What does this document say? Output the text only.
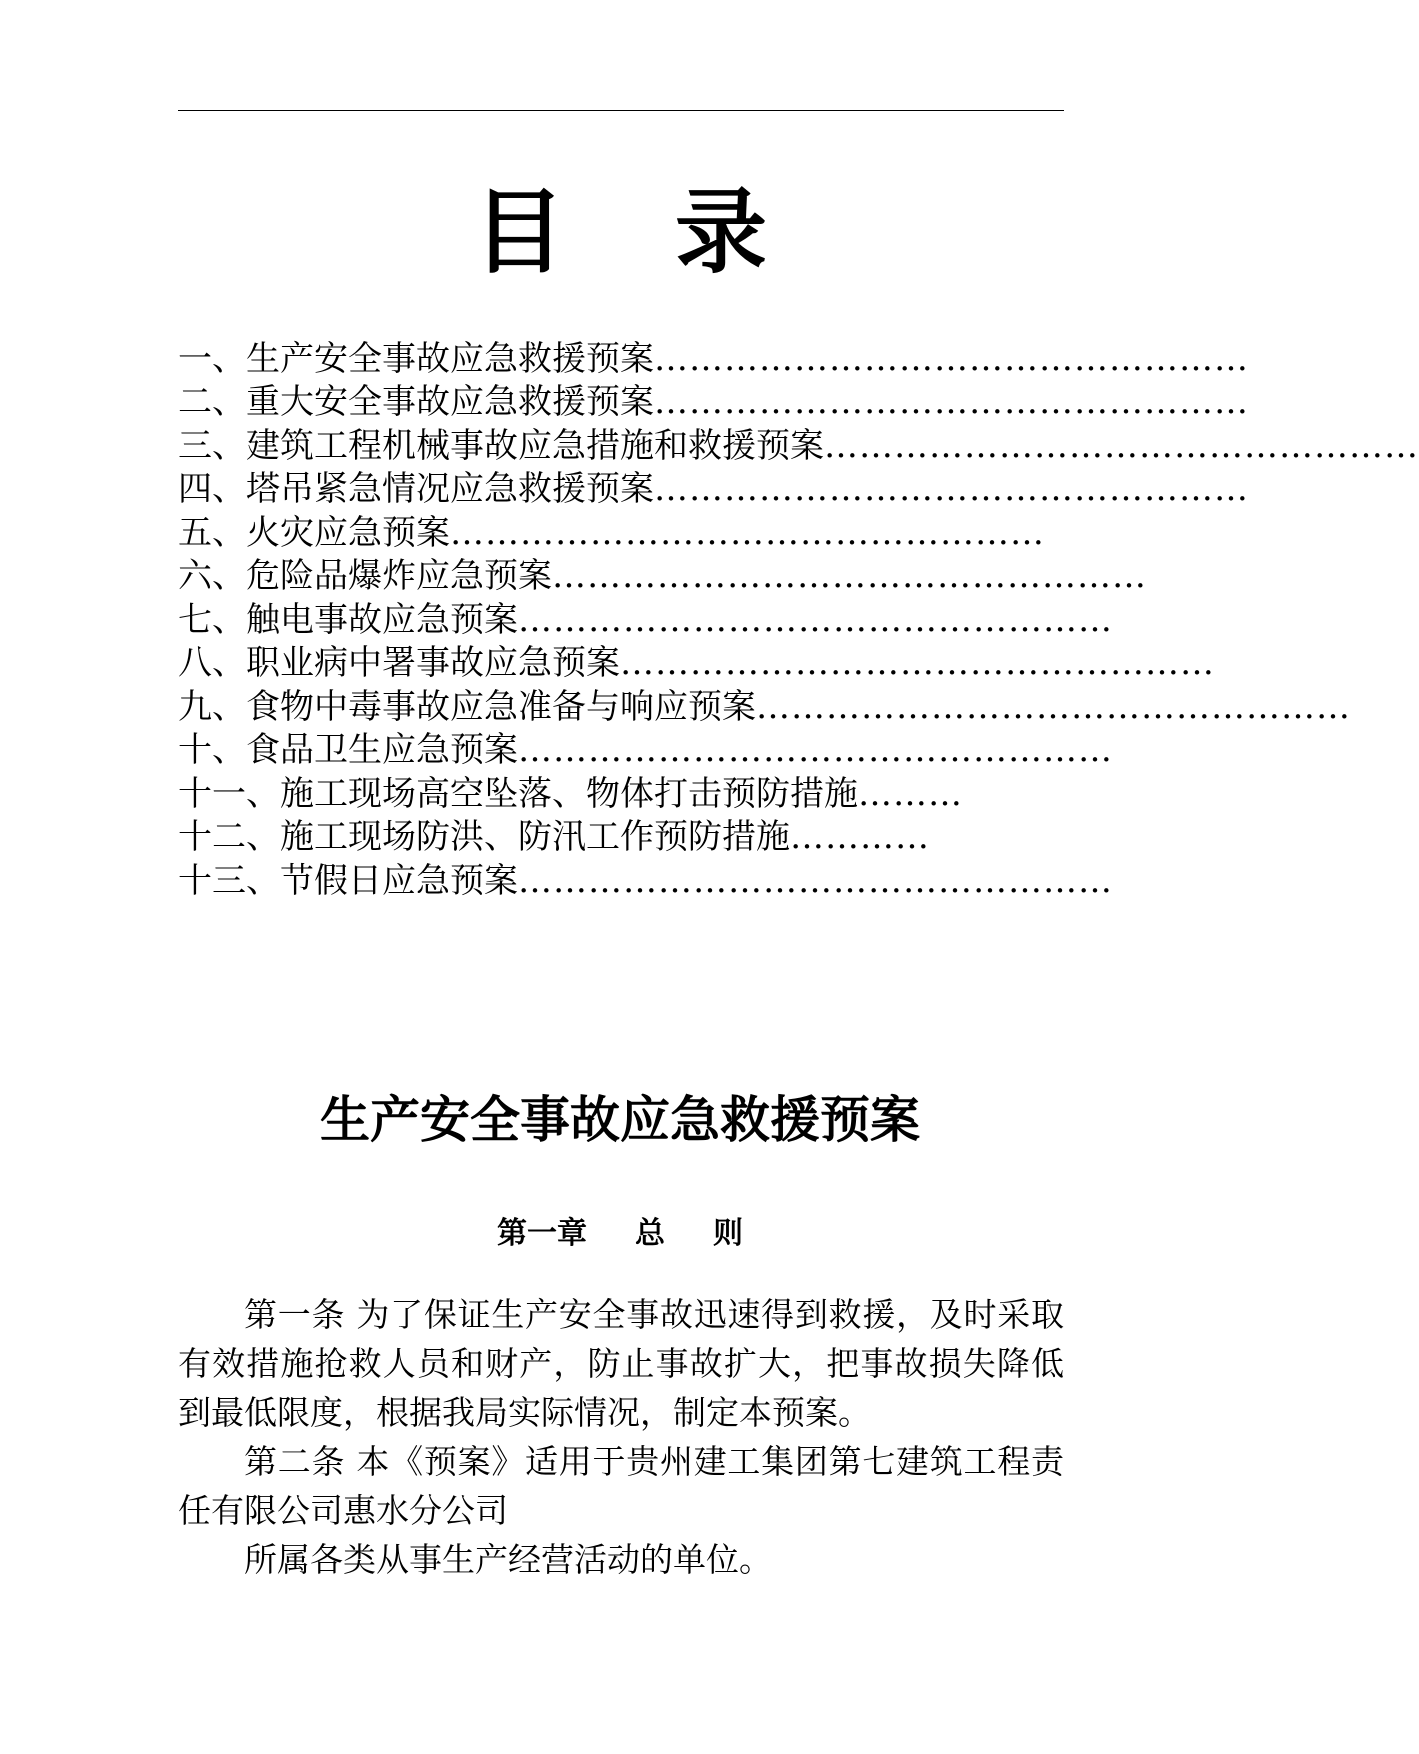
目 录
一、生产安全事故应急救援预案 ……………………………………………
二、重大安全事故应急救援预案 ……………………………………………
三、建筑工程机械事故应急措施和救援预案 ……………………………………………
四、塔吊紧急情况应急救援预案 ……………………………………………
五、火灾应急预案 ……………………………………………
六、危险品爆炸应急预案 ……………………………………………
七、触电事故应急预案 ……………………………………………
八、职业病中署事故应急预案 ……………………………………………
九、食物中毒事故应急准备与响应预案 ……………………………………………
十、食品卫生应急预案 ……………………………………………
十一、施工现场高空坠落、物体打击预防措施 ………
十二、施工现场防洪、防汛工作预防措施 …………
十三、节假日应急预案 ……………………………………………
生产安全事故应急救援预案
第一章 总 则

第一条 为了保证生产安全事故迅速得到救援，及时采取有效措施抢救人员和财产，防止事故扩大，把事故损失降低到最低限度，根据我局实际情况，制定本预案。

第二条 本《预案》适用于贵州建工集团第七建筑工程责任有限公司惠水分公司

所属各类从事生产经营活动的单位。
